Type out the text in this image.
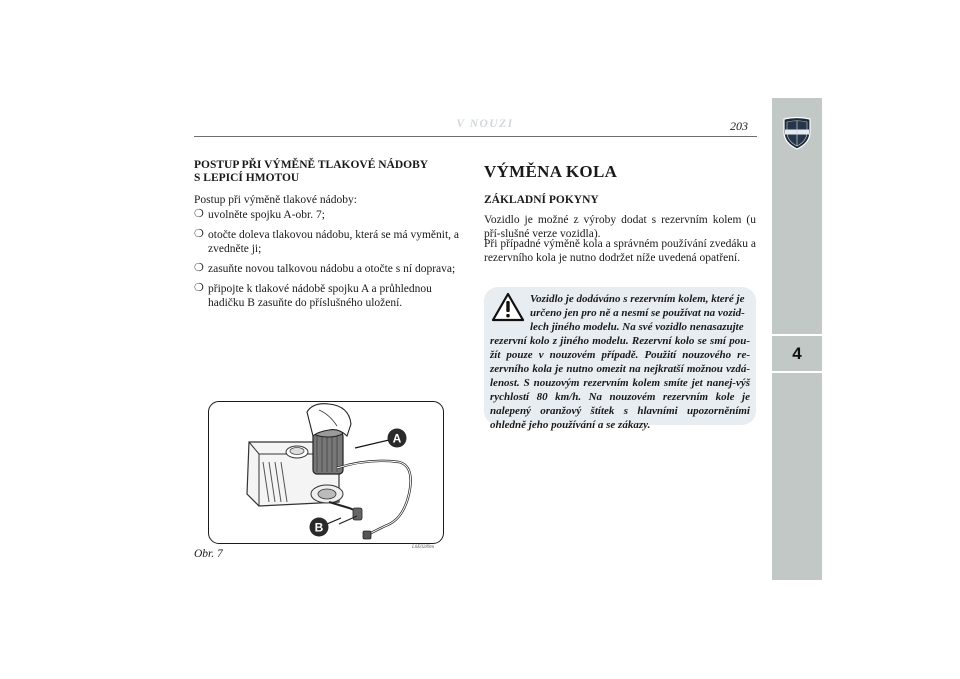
V NOUZI	203
4
POSTUP PŘI VÝMĚNĚ TLAKOVÉ NÁDOBY
S LEPICÍ HMOTOU
Postup při výměně tlakové nádoby:
❍ uvolněte spojku A-obr. 7;
❍ otočte doleva tlakovou nádobu, která se má vyměnit, a zvedněte ji;
❍ zasuňte novou talkovou nádobu a otočte s ní doprava;
❍ připojte k tlakové nádobě spojku A a průhlednou hadičku B zasuňte do příslušného uložení.
A
B
Obr. 7
L0E0289m
VÝMĚNA KOLA
ZÁKLADNÍ POKYNY
Vozidlo je možné z výroby dodat s rezervním kolem (u pří-slušné verze vozidla).
Při případné výměně kola a správném používání zvedáku a rezervního kola je nutno dodržet níže uvedená opatření.
Vozidlo je dodáváno s rezervním kolem, které je
určeno jen pro ně a nesmí se používat na vozid-
lech jiného modelu. Na své vozidlo nenasazujte
rezervní kolo z jiného modelu. Rezervní kolo se smí pou-žít pouze v nouzovém případě. Použití nouzového re-zervního kola je nutno omezit na nejkratší možnou vzdá-lenost. S nouzovým rezervním kolem smíte jet nanej-výš rychlostí 80 km/h. Na nouzovém rezervním kole je nalepený oranžový štítek s hlavními upozorněními ohledně jeho používání a se zákazy.
